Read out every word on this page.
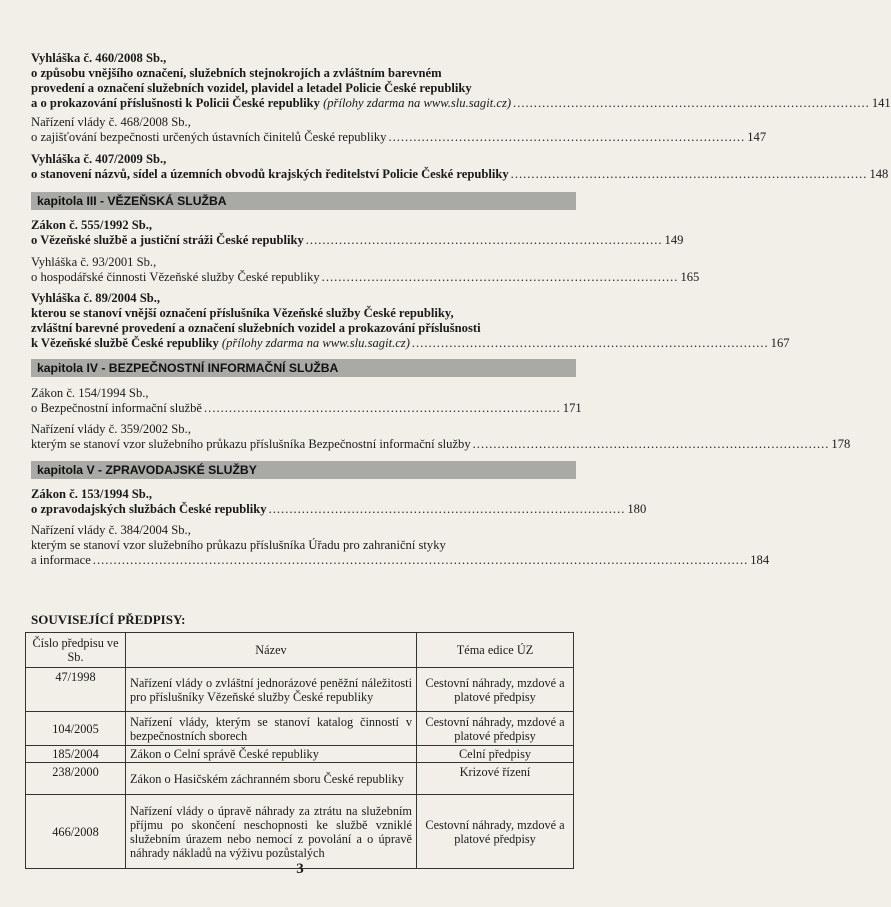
Vyhláška č. 460/2008 Sb.,
o způsobu vnějšího označení, služebních stejnokrojích a zvláštním barevném
provedení a označení služebních vozidel, plavidel a letadel Policie České republiky
a o prokazování příslušnosti k Policii České republiky (přílohy zdarma na www.slu.sagit.cz) ...................................................................................... 141
Nařízení vlády č. 468/2008 Sb.,
o zajišťování bezpečnosti určených ústavních činitelů České republiky ...................................................................................... 147
Vyhláška č. 407/2009 Sb.,
o stanovení názvů, sídel a územních obvodů krajských ředitelství Policie České republiky ...................................................................................... 148
kapitola III - VĚZEŇSKÁ SLUŽBA
Zákon č. 555/1992 Sb.,
o Vězeňské službě a justiční stráži České republiky ...................................................................................... 149
Vyhláška č. 93/2001 Sb.,
o hospodářské činnosti Vězeňské služby České republiky ...................................................................................... 165
Vyhláška č. 89/2004 Sb.,
kterou se stanoví vnější označení příslušníka Vězeňské služby České republiky,
zvláštní barevné provedení a označení služebních vozidel a prokazování příslušnosti
k Vězeňské službě České republiky (přílohy zdarma na www.slu.sagit.cz) ...................................................................................... 167
kapitola IV - BEZPEČNOSTNÍ INFORMAČNÍ SLUŽBA
Zákon č. 154/1994 Sb.,
o Bezpečnostní informační službě ...................................................................................... 171
Nařízení vlády č. 359/2002 Sb.,
kterým se stanoví vzor služebního průkazu příslušníka Bezpečnostní informační služby ...................................................................................... 178
kapitola V - ZPRAVODAJSKÉ SLUŽBY
Zákon č. 153/1994 Sb.,
o zpravodajských službách České republiky ...................................................................................... 180
Nařízení vlády č. 384/2004 Sb.,
kterým se stanoví vzor služebního průkazu příslušníka Úřadu pro zahraniční styky
a informace .............................................................................................................................................................. 184
SOUVISEJÍCÍ PŘEDPISY:
Číslo předpisu ve Sb.	Název	Téma edice ÚZ
47/1998	Nařízení vlády o zvláštní jednorázové peněžní náležitosti pro příslušníky Vězeňské služby České republiky	Cestovní náhrady, mzdové a platové předpisy
104/2005	Nařízení vlády, kterým se stanoví katalog činností v bezpečnostních sborech	Cestovní náhrady, mzdové a platové předpisy
185/2004	Zákon o Celní správě České republiky	Celní předpisy
238/2000	Zákon o Hasičském záchranném sboru České republiky	Krizové řízení
466/2008	Nařízení vlády o úpravě náhrady za ztrátu na služebním příjmu po skončení neschopnosti ke službě vzniklé služebním úrazem nebo nemocí z povolání a o úpravě náhrady nákladů na výživu pozůstalých	Cestovní náhrady, mzdové a platové předpisy
3
